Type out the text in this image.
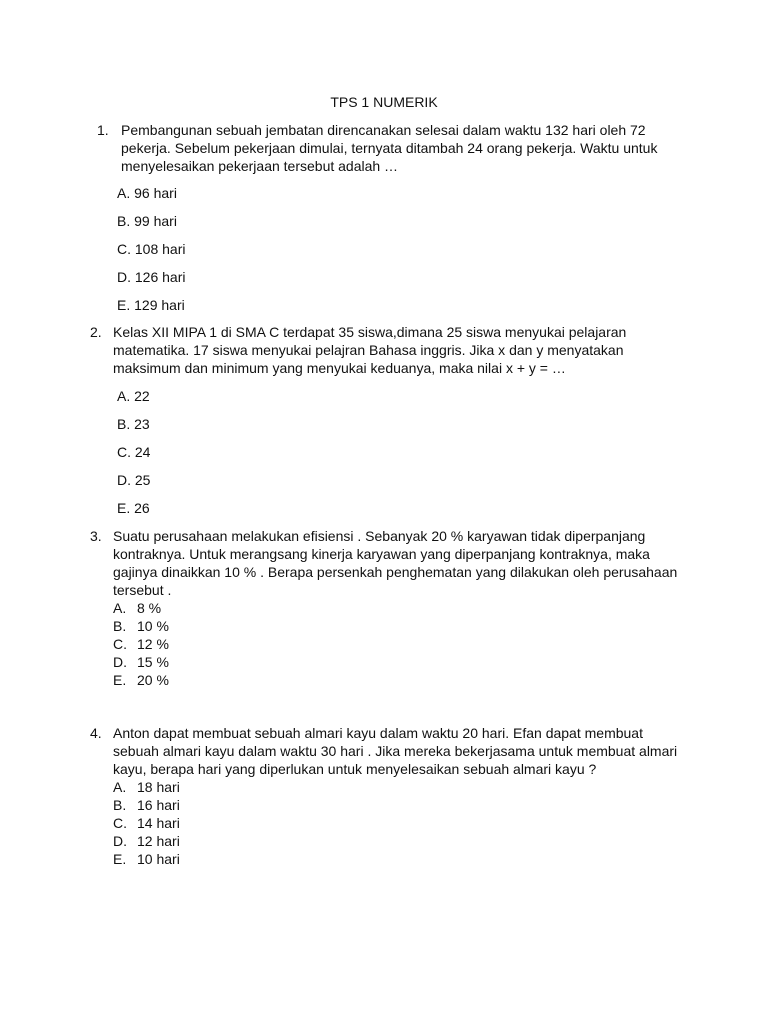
TPS 1 NUMERIK
1. Pembangunan sebuah jembatan direncanakan selesai dalam waktu 132 hari oleh 72
pekerja. Sebelum pekerjaan dimulai, ternyata ditambah 24 orang pekerja. Waktu untuk
menyelesaikan pekerjaan tersebut adalah …
A. 96 hari
B. 99 hari
C. 108 hari
D. 126 hari
E. 129 hari
2. Kelas XII MIPA 1 di SMA C terdapat 35 siswa,dimana 25 siswa menyukai pelajaran
matematika. 17 siswa menyukai pelajran Bahasa inggris. Jika x dan y menyatakan
maksimum dan minimum yang menyukai keduanya, maka nilai x + y = …
A. 22
B. 23
C. 24
D. 25
E. 26
3. Suatu perusahaan melakukan efisiensi . Sebanyak 20 % karyawan tidak diperpanjang
kontraknya. Untuk merangsang kinerja karyawan yang diperpanjang kontraknya, maka
gajinya dinaikkan 10 % . Berapa persenkah penghematan yang dilakukan oleh perusahaan
tersebut .
A. 8 %
B. 10 %
C. 12 %
D. 15 %
E. 20 %
4. Anton dapat membuat sebuah almari kayu dalam waktu 20 hari. Efan dapat membuat
sebuah almari kayu dalam waktu 30 hari . Jika mereka bekerjasama untuk membuat almari
kayu, berapa hari yang diperlukan untuk menyelesaikan sebuah almari kayu ?
A. 18 hari
B. 16 hari
C. 14 hari
D. 12 hari
E. 10 hari
